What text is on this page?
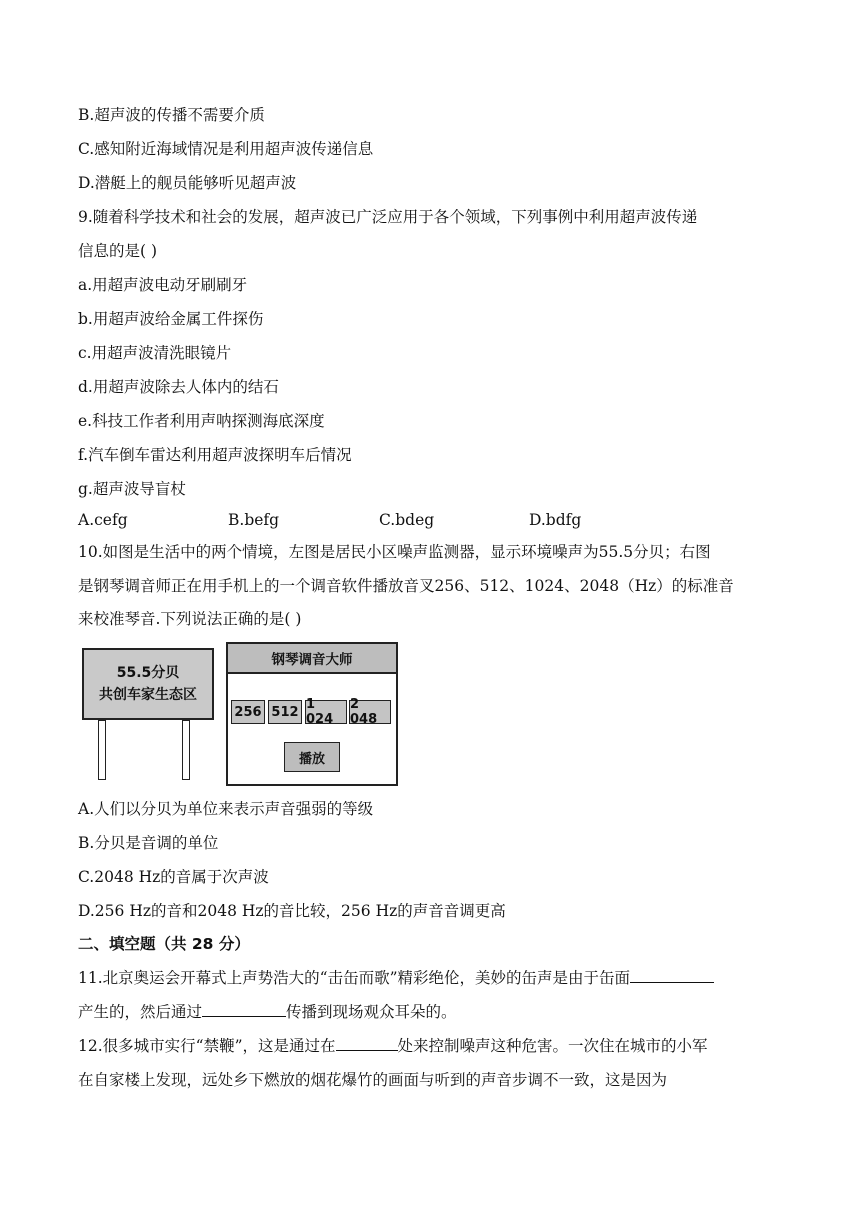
B.超声波的传播不需要介质
C.感知附近海域情况是利用超声波传递信息
D.潜艇上的舰员能够听见超声波
9.随着科学技术和社会的发展，超声波已广泛应用于各个领域，下列事例中利用超声波传递
信息的是( )
a.用超声波电动牙刷刷牙
b.用超声波给金属工件探伤
c.用超声波清洗眼镜片
d.用超声波除去人体内的结石
e.科技工作者利用声呐探测海底深度
f.汽车倒车雷达利用超声波探明车后情况
g.超声波导盲杖
A.cefg	B.befg	C.bdeg	D.bdfg
10.如图是生活中的两个情境，左图是居民小区噪声监测器，显示环境噪声为55.5分贝；右图
是钢琴调音师正在用手机上的一个调音软件播放音叉256、512、1024、2048（Hz）的标准音
来校准琴音.下列说法正确的是( )
55.5分贝
共创车家生态区
钢琴调音大师
256 512 1 024
2 048
播放
A.人们以分贝为单位来表示声音强弱的等级
B.分贝是音调的单位
C.2048 Hz的音属于次声波
D.256 Hz的音和2048 Hz的音比较，256 Hz的声音音调更高
二、填空题（共 28 分）
11.北京奥运会开幕式上声势浩大的“击缶而歌”精彩绝伦，美妙的缶声是由于缶面
产生的，然后通过	传播到现场观众耳朵的。
12.很多城市实行“禁鞭”，这是通过在	处来控制噪声这种危害。一次住在城市的小军
在自家楼上发现，远处乡下燃放的烟花爆竹的画面与听到的声音步调不一致，这是因为
